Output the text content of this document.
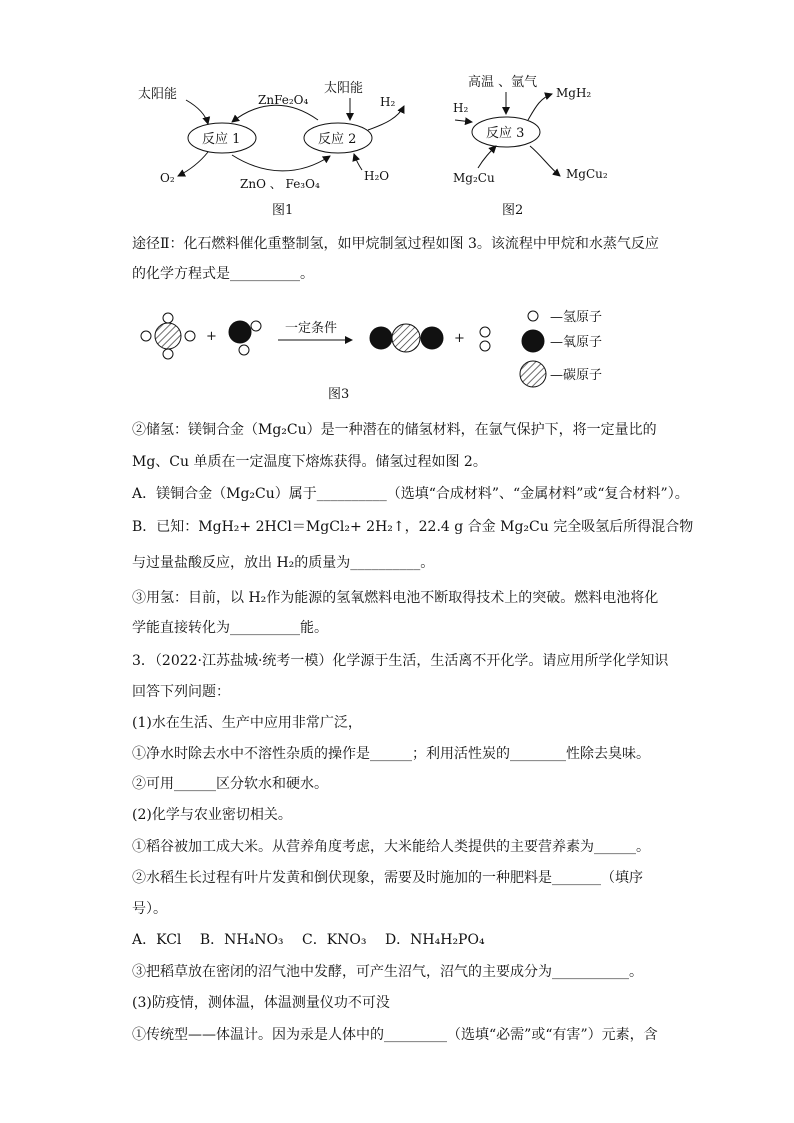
太阳能	ZnFe₂O₄
太阳能
H₂
反应 1	反应 2
O₂	ZnO 、 Fe₃O₄
H₂O
图1
高温 、氩气
MgH₂
H₂
反应 3
Mg₂Cu	MgCu₂
图2
途径Ⅱ：化石燃料催化重整制氢，如甲烷制氢过程如图 3。该流程中甲烷和水蒸气反应
的化学方程式是__________。
+
一定条件
+
—氢原子
—氧原子
—碳原子
图3
②储氢：镁铜合金（Mg₂Cu）是一种潜在的储氢材料，在氩气保护下，将一定量比的
Mg、Cu 单质在一定温度下熔炼获得。储氢过程如图 2。
A．镁铜合金（Mg₂Cu）属于__________（选填“合成材料”、“金属材料”或“复合材料”）。
B．已知：MgH₂+ 2HCl＝MgCl₂+ 2H₂↑，22.4 g 合金 Mg₂Cu 完全吸氢后所得混合物
与过量盐酸反应，放出 H₂的质量为__________。
③用氢：目前，以 H₂作为能源的氢氧燃料电池不断取得技术上的突破。燃料电池将化
学能直接转化为__________能。
3．（2022·江苏盐城·统考一模）化学源于生活，生活离不开化学。请应用所学化学知识
回答下列问题：
(1)水在生活、生产中应用非常广泛，
①净水时除去水中不溶性杂质的操作是______；利用活性炭的________性除去臭味。
②可用______区分软水和硬水。
(2)化学与农业密切相关。
①稻谷被加工成大米。从营养角度考虑，大米能给人类提供的主要营养素为______。
②水稻生长过程有叶片发黄和倒伏现象，需要及时施加的一种肥料是_______（填序
号）。
A．KCl　 B．NH₄NO₃　 C．KNO₃　 D．NH₄H₂PO₄
③把稻草放在密闭的沼气池中发酵，可产生沼气，沼气的主要成分为___________。
(3)防疫情，测体温，体温测量仪功不可没
①传统型——体温计。因为汞是人体中的_________（选填“必需”或“有害”）元素，含
